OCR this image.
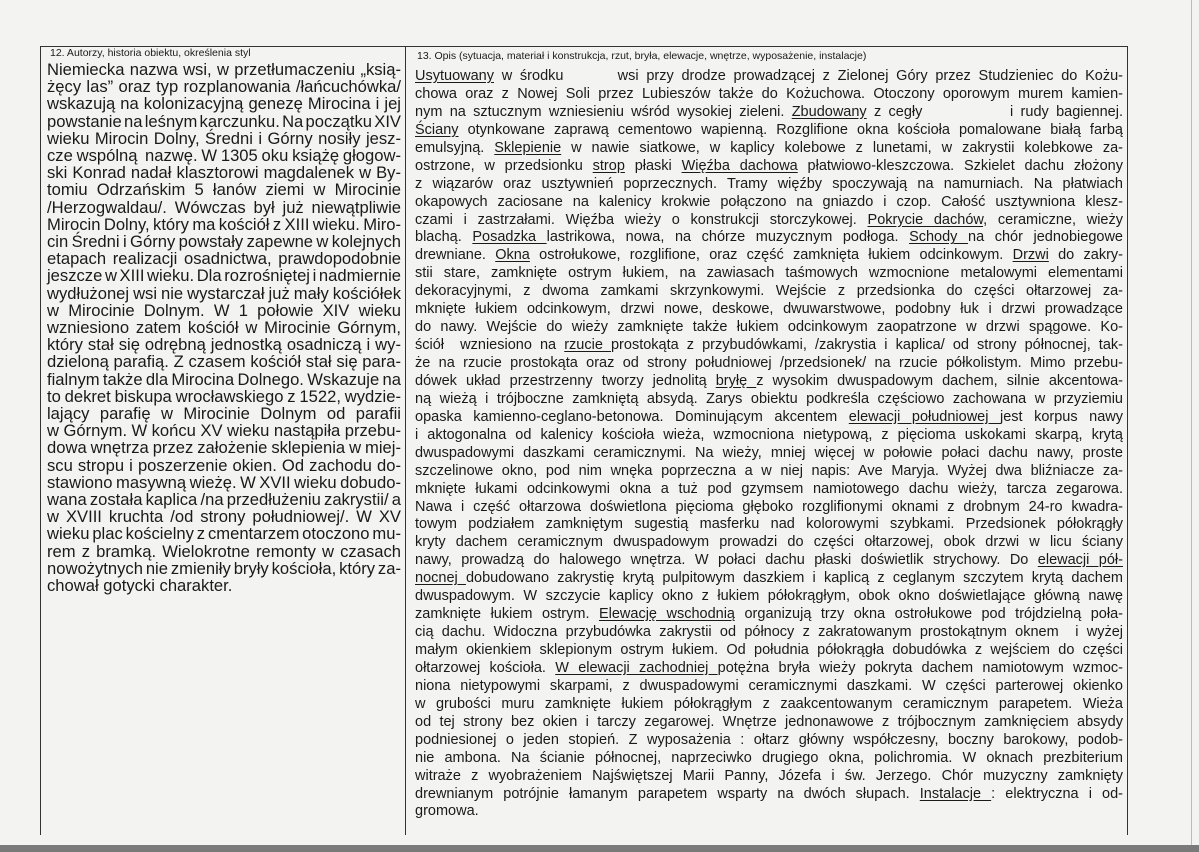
12. Autorzy, historia obiektu, określenia styl	13. Opis (sytuacja, materiał i konstrukcja, rzut, bryła, elewacje, wnętrze, wyposażenie, instalacje)
Niemiecka nazwa wsi, w przetłumaczeniu „ksią-
żęcy las” oraz typ rozplanowania /łańcuchówka/
wskazują na kolonizacyjną genezę Mirocina i jej
powstanie na leśnym karczunku. Na początku XIV
wieku Mirocin Dolny, Średni i Górny nosiły jesz-
cze wspólną  nazwę. W 1305 oku książę głogow-
ski Konrad nadał klasztorowi magdalenek w By-
tomiu Odrzańskim 5 łanów ziemi w Mirocinie
/Herzogwaldau/. Wówczas był już niewątpliwie
Mirocin Dolny, który ma kościół z XIII wieku. Miro-
cin Średni i Górny powstały zapewne w kolejnych
etapach realizacji osadnictwa, prawdopodobnie
jeszcze w XIII wieku. Dla rozrośniętej i nadmiernie
wydłużonej wsi nie wystarczał już mały kościółek
w Mirocinie Dolnym. W 1 połowie XIV wieku
wzniesiono zatem kościół w Mirocinie Górnym,
który stał się odrębną jednostką osadniczą i wy-
dzieloną parafią. Z czasem kościół stał się para-
fialnym także dla Mirocina Dolnego. Wskazuje na
to dekret biskupa wrocławskiego z 1522, wydzie-
lający parafię w Mirocinie Dolnym od parafii
w Górnym. W końcu XV wieku nastąpiła przebu-
dowa wnętrza przez założenie sklepienia w miej-
scu stropu i poszerzenie okien. Od zachodu do-
stawiono masywną wieżę. W XVII wieku dobudo-
wana została kaplica /na przedłużeniu zakrystii/ a
w XVIII kruchta /od strony południowej/. W XV
wieku plac kościelny z cmentarzem otoczono mu-
rem z bramką. Wielokrotne remonty w czasach
nowożytnych nie zmieniły bryły kościoła, który za-
chował gotycki charakter.
Usytuowany w środku       wsi przy drodze prowadzącej z Zielonej Góry przez Studzieniec do Kożu-
chowa oraz z Nowej Soli przez Lubieszów także do Kożuchowa. Otoczony oporowym murem kamien-
nym na sztucznym wzniesieniu wśród wysokiej zieleni. Zbudowany z cegły            i rudy bagiennej.
Ściany otynkowane zaprawą cementowo wapienną. Rozglifione okna kościoła pomalowane białą farbą
emulsyjną. Sklepienie w nawie siatkowe, w kaplicy kolebowe z lunetami, w zakrystii kolebkowe za-
ostrzone, w przedsionku strop płaski Więźba dachowa płatwiowo-kleszczowa. Szkielet dachu złożony
z wiązarów oraz usztywnień poprzecznych. Tramy więźby spoczywają na namurniach. Na płatwiach
okapowych zaciosane na kalenicy krokwie połączono na gniazdo i czop. Całość usztywniona klesz-
czami i zastrzałami. Więźba wieży o konstrukcji storczykowej. Pokrycie dachów, ceramiczne, wieży
blachą. Posadzka lastrikowa, nowa, na chórze muzycznym podłoga. Schody na chór jednobiegowe
drewniane. Okna ostrołukowe, rozglifione, oraz część zamknięta łukiem odcinkowym. Drzwi do zakry-
stii stare, zamknięte ostrym łukiem, na zawiasach taśmowych wzmocnione metalowymi elementami
dekoracyjnymi, z dwoma zamkami skrzynkowymi. Wejście z przedsionka do części ołtarzowej za-
mknięte łukiem odcinkowym, drzwi nowe, deskowe, dwuwarstwowe, podobny łuk i drzwi prowadzące
do nawy. Wejście do wieży zamknięte także łukiem odcinkowym zaopatrzone w drzwi spągowe. Ko-
ściół  wzniesiono na rzucie prostokąta z przybudówkami, /zakrystia i kaplica/ od strony północnej, tak-
że na rzucie prostokąta oraz od strony południowej /przedsionek/ na rzucie półkolistym. Mimo przebu-
dówek układ przestrzenny tworzy jednolitą bryłę z wysokim dwuspadowym dachem, silnie akcentowa-
ną wieżą i trójboczne zamkniętą absydą. Zarys obiektu podkreśla częściowo zachowana w przyziemiu
opaska kamienno-ceglano-betonowa. Dominującym akcentem elewacji południowej jest korpus nawy
i aktogonalna od kalenicy kościoła wieża, wzmocniona nietypową, z pięcioma uskokami skarpą, krytą
dwuspadowymi daszkami ceramicznymi. Na wieży, mniej więcej w połowie połaci dachu nawy, proste
szczelinowe okno, pod nim wnęka poprzeczna a w niej napis: Ave Maryja. Wyżej dwa bliźniacze za-
mknięte łukami odcinkowymi okna a tuż pod gzymsem namiotowego dachu wieży, tarcza zegarowa.
Nawa i część ołtarzowa doświetlona pięcioma głęboko rozglifionymi oknami z drobnym 24-ro kwadra-
towym podziałem zamkniętym sugestią masferku nad kolorowymi szybkami. Przedsionek półokrągły
kryty dachem ceramicznym dwuspadowym prowadzi do części ołtarzowej, obok drzwi w licu ściany
nawy, prowadzą do halowego wnętrza. W połaci dachu płaski doświetlik strychowy. Do elewacji pół-
nocnej dobudowano zakrystię krytą pulpitowym daszkiem i kaplicą z ceglanym szczytem krytą dachem
dwuspadowym. W szczycie kaplicy okno z łukiem półokrągłym, obok okno doświetlające główną nawę
zamknięte łukiem ostrym. Elewację wschodnią organizują trzy okna ostrołukowe pod trójdzielną poła-
cią dachu. Widoczna przybudówka zakrystii od północy z zakratowanym prostokątnym oknem  i wyżej
małym okienkiem sklepionym ostrym łukiem. Od południa półokrągła dobudówka z wejściem do części
ołtarzowej kościoła. W elewacji zachodniej potężna bryła wieży pokryta dachem namiotowym wzmoc-
niona nietypowymi skarpami, z dwuspadowymi ceramicznymi daszkami. W części parterowej okienko
w grubości muru zamknięte łukiem półokrągłym z zaakcentowanym ceramicznym parapetem. Wieża
od tej strony bez okien i tarczy zegarowej. Wnętrze jednonawowe z trójbocznym zamknięciem absydy
podniesionej o jeden stopień. Z wyposażenia : ołtarz główny współczesny, boczny barokowy, podob-
nie ambona. Na ścianie północnej, naprzeciwko drugiego okna, polichromia. W oknach prezbiterium
witraże z wyobrażeniem Najświętszej Marii Panny, Józefa i św. Jerzego. Chór muzyczny zamknięty
drewnianym potrójnie łamanym parapetem wsparty na dwóch słupach. Instalacje : elektryczna i od-
gromowa.
